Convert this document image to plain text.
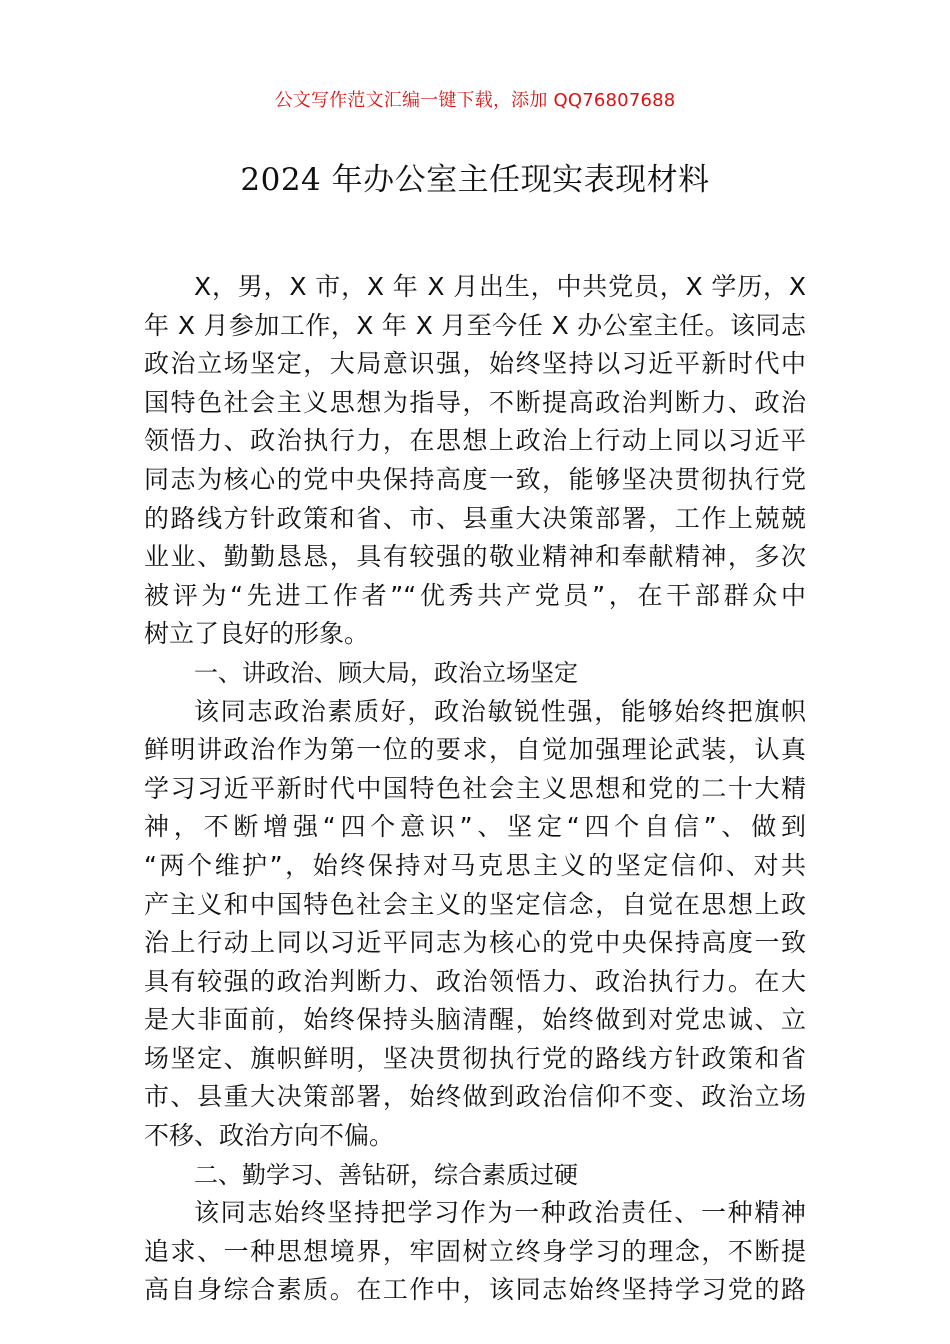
公文写作范文汇编一键下载，添加 QQ76807688
2024 年办公室主任现实表现材料
X，男，X 市，X 年 X 月出生，中共党员，X 学历，X
年 X 月参加工作，X 年 X 月至今任 X 办公室主任。该同志
政治立场坚定，大局意识强，始终坚持以习近平新时代中
国特色社会主义思想为指导，不断提高政治判断力、政治
领悟力、政治执行力，在思想上政治上行动上同以习近平
同志为核心的党中央保持高度一致，能够坚决贯彻执行党
的路线方针政策和省、市、县重大决策部署，工作上兢兢
业业、勤勤恳恳，具有较强的敬业精神和奉献精神，多次
被评为“先进工作者”“优秀共产党员”，在干部群众中
树立了良好的形象。
一、讲政治、顾大局，政治立场坚定
该同志政治素质好，政治敏锐性强，能够始终把旗帜
鲜明讲政治作为第一位的要求，自觉加强理论武装，认真
学习习近平新时代中国特色社会主义思想和党的二十大精
神，不断增强“四个意识”、坚定“四个自信”、做到
“两个维护”，始终保持对马克思主义的坚定信仰、对共
产主义和中国特色社会主义的坚定信念，自觉在思想上政
治上行动上同以习近平同志为核心的党中央保持高度一致
具有较强的政治判断力、政治领悟力、政治执行力。在大
是大非面前，始终保持头脑清醒，始终做到对党忠诚、立
场坚定、旗帜鲜明，坚决贯彻执行党的路线方针政策和省
市、县重大决策部署，始终做到政治信仰不变、政治立场
不移、政治方向不偏。
二、勤学习、善钻研，综合素质过硬
该同志始终坚持把学习作为一种政治责任、一种精神
追求、一种思想境界，牢固树立终身学习的理念，不断提
高自身综合素质。在工作中，该同志始终坚持学习党的路
